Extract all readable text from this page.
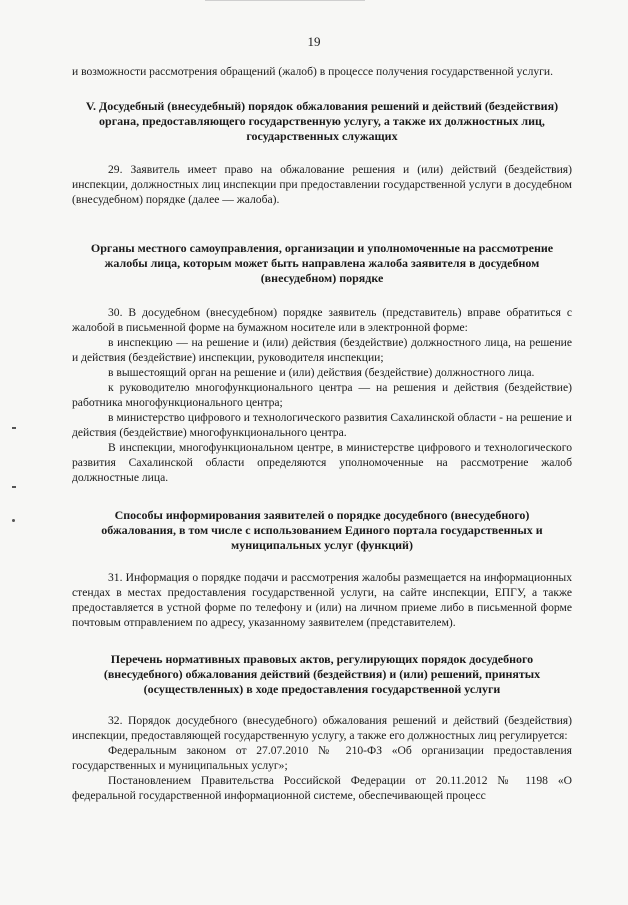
19

и возможности рассмотрения обращений (жалоб) в процессе получения государственной услуги.

V. Досудебный (внесудебный) порядок обжалования решений и действий (бездействия) органа, предоставляющего государственную услугу, а также их должностных лиц, государственных служащих

29. Заявитель имеет право на обжалование решения и (или) действий (бездействия) инспекции, должностных лиц инспекции при предоставлении государственной услуги в досудебном (внесудебном) порядке (далее — жалоба).

Органы местного самоуправления, организации и уполномоченные на рассмотрение жалобы лица, которым может быть направлена жалоба заявителя в досудебном (внесудебном) порядке

30. В досудебном (внесудебном) порядке заявитель (представитель) вправе обратиться с жалобой в письменной форме на бумажном носителе или в электронной форме:

в инспекцию — на решение и (или) действия (бездействие) должностного лица, на решение и действия (бездействие) инспекции, руководителя инспекции;

в вышестоящий орган на решение и (или) действия (бездействие) должностного лица.

к руководителю многофункционального центра — на решения и действия (бездействие) работника многофункционального центра;

в министерство цифрового и технологического развития Сахалинской области - на решение и действия (бездействие) многофункционального центра.

В инспекции, многофункциональном центре, в министерстве цифрового и технологического развития Сахалинской области определяются уполномоченные на рассмотрение жалоб должностные лица.

Способы информирования заявителей о порядке досудебного (внесудебного) обжалования, в том числе с использованием Единого портала государственных и муниципальных услуг (функций)

31. Информация о порядке подачи и рассмотрения жалобы размещается на информационных стендах в местах предоставления государственной услуги, на сайте инспекции, ЕПГУ, а также предоставляется в устной форме по телефону и (или) на личном приеме либо в письменной форме почтовым отправлением по адресу, указанному заявителем (представителем).

Перечень нормативных правовых актов, регулирующих порядок досудебного (внесудебного) обжалования действий (бездействия) и (или) решений, принятых (осуществленных) в ходе предоставления государственной услуги

32. Порядок досудебного (внесудебного) обжалования решений и действий (бездействия) инспекции, предоставляющей государственную услугу, а также его должностных лиц регулируется:

Федеральным законом от 27.07.2010 № 210-ФЗ «Об организации предоставления государственных и муниципальных услуг»;

Постановлением Правительства Российской Федерации от 20.11.2012 № 1198 «О федеральной государственной информационной системе, обеспечивающей процесс
